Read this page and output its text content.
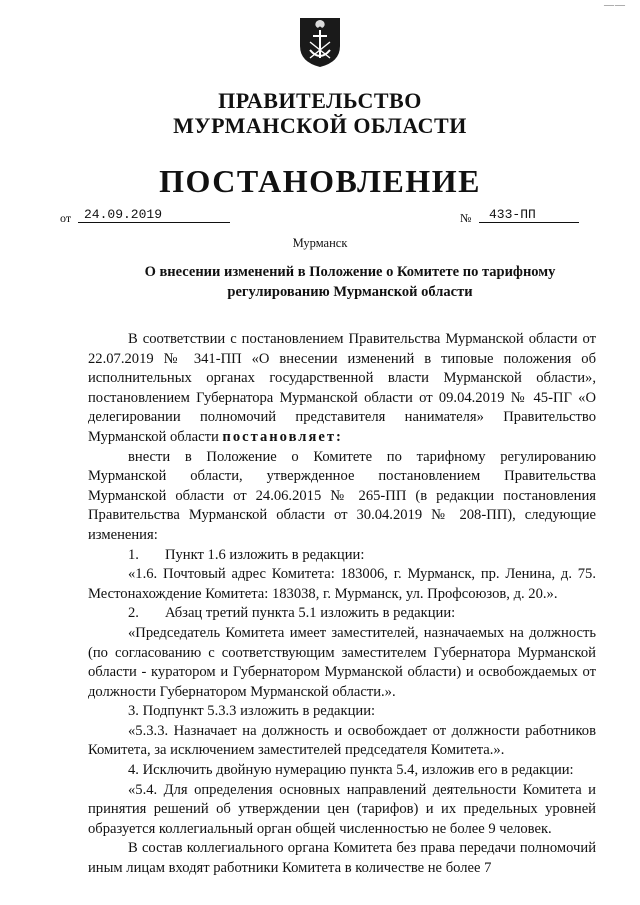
——
ПРАВИТЕЛЬСТВО
МУРМАНСКОЙ ОБЛАСТИ
ПОСТАНОВЛЕНИЕ
от 24.09.2019	№	433-ПП
Мурманск
О внесении изменений в Положение о Комитете по тарифному
регулированию Мурманской области

В соответствии с постановлением Правительства Мурманской области от 22.07.2019 № 341-ПП «О внесении изменений в типовые положения об исполнительных органах государственной власти Мурманской области», постановлением Губернатора Мурманской области от 09.04.2019 № 45-ПГ «О делегировании полномочий представителя нанимателя» Правительство Мурманской области постановляет:

внести в Положение о Комитете по тарифному регулированию Мурманской области, утвержденное постановлением Правительства Мурманской области от 24.06.2015 № 265-ПП (в редакции постановления Правительства Мурманской области от 30.04.2019 № 208-ПП), следующие изменения:

1. Пункт 1.6 изложить в редакции:

«1.6. Почтовый адрес Комитета: 183006, г. Мурманск, пр. Ленина, д. 75. Местонахождение Комитета: 183038, г. Мурманск, ул. Профсоюзов, д. 20.».

2. Абзац третий пункта 5.1 изложить в редакции:

«Председатель Комитета имеет заместителей, назначаемых на должность (по согласованию с соответствующим заместителем Губернатора Мурманской области - куратором и Губернатором Мурманской области) и освобождаемых от должности Губернатором Мурманской области.».

3. Подпункт 5.3.3 изложить в редакции:

«5.3.3. Назначает на должность и освобождает от должности работников Комитета, за исключением заместителей председателя Комитета.».

4. Исключить двойную нумерацию пункта 5.4, изложив его в редакции:

«5.4. Для определения основных направлений деятельности Комитета и принятия решений об утверждении цен (тарифов) и их предельных уровней образуется коллегиальный орган общей численностью не более 9 человек.

В состав коллегиального органа Комитета без права передачи полномочий иным лицам входят работники Комитета в количестве не более 7
